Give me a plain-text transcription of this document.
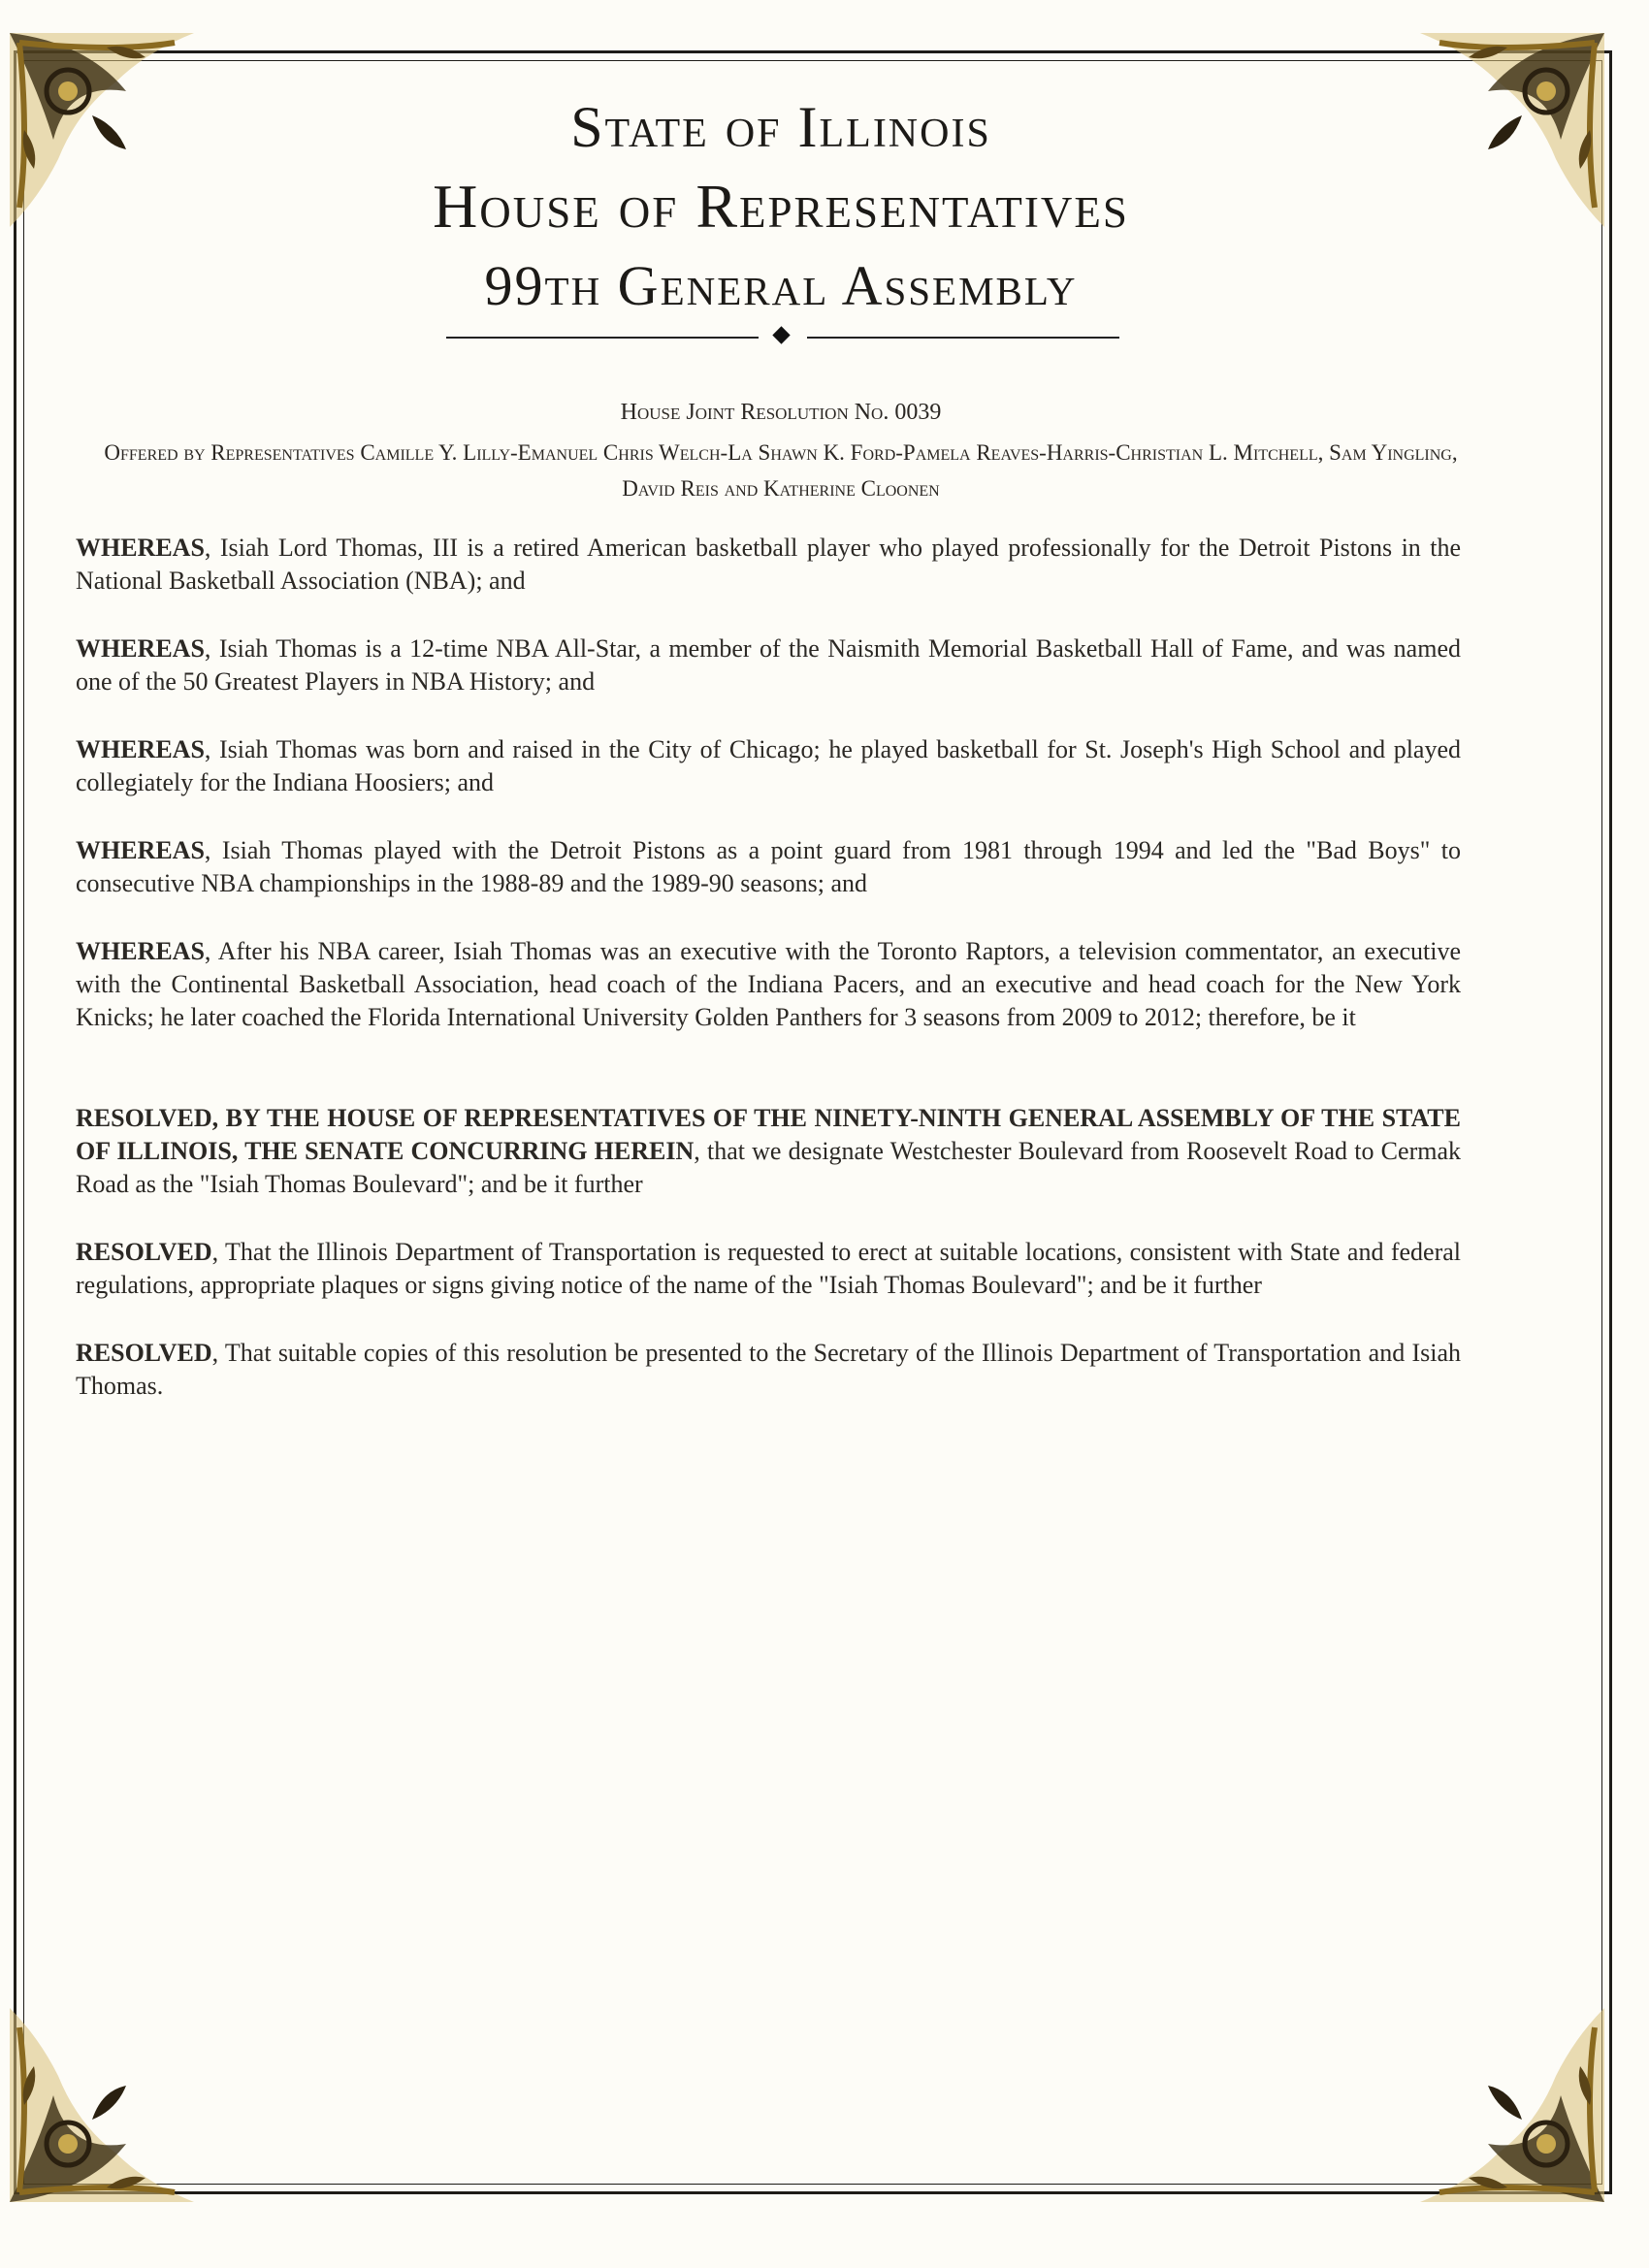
State of Illinois
House of Representatives
99th General Assembly
House Joint Resolution No. 0039
Offered by Representatives Camille Y. Lilly-Emanuel Chris Welch-La Shawn K. Ford-Pamela Reaves-Harris-Christian L. Mitchell, Sam Yingling, David Reis and Katherine Cloonen

WHEREAS, Isiah Lord Thomas, III is a retired American basketball player who played professionally for the Detroit Pistons in the National Basketball Association (NBA); and

WHEREAS, Isiah Thomas is a 12-time NBA All-Star, a member of the Naismith Memorial Basketball Hall of Fame, and was named one of the 50 Greatest Players in NBA History; and

WHEREAS, Isiah Thomas was born and raised in the City of Chicago; he played basketball for St. Joseph's High School and played collegiately for the Indiana Hoosiers; and

WHEREAS, Isiah Thomas played with the Detroit Pistons as a point guard from 1981 through 1994 and led the "Bad Boys" to consecutive NBA championships in the 1988-89 and the 1989-90 seasons; and

WHEREAS, After his NBA career, Isiah Thomas was an executive with the Toronto Raptors, a television commentator, an executive with the Continental Basketball Association, head coach of the Indiana Pacers, and an executive and head coach for the New York Knicks; he later coached the Florida International University Golden Panthers for 3 seasons from 2009 to 2012; therefore, be it

RESOLVED, BY THE HOUSE OF REPRESENTATIVES OF THE NINETY-NINTH GENERAL ASSEMBLY OF THE STATE OF ILLINOIS, THE SENATE CONCURRING HEREIN, that we designate Westchester Boulevard from Roosevelt Road to Cermak Road as the "Isiah Thomas Boulevard"; and be it further

RESOLVED, That the Illinois Department of Transportation is requested to erect at suitable locations, consistent with State and federal regulations, appropriate plaques or signs giving notice of the name of the "Isiah Thomas Boulevard"; and be it further

RESOLVED, That suitable copies of this resolution be presented to the Secretary of the Illinois Department of Transportation and Isiah Thomas.
